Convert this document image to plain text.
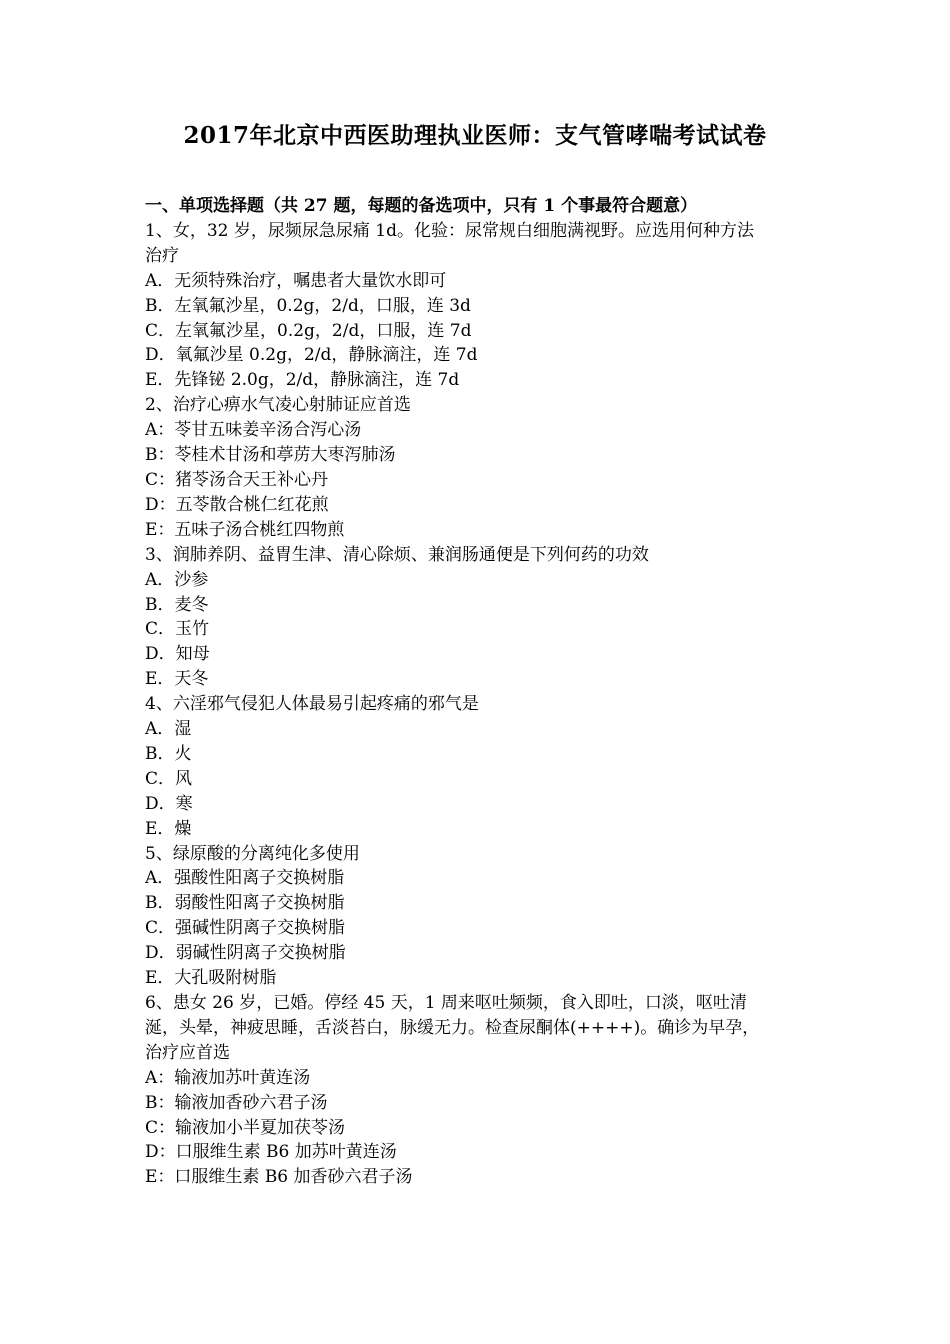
2017年北京中西医助理执业医师：支气管哮喘考试试卷
一、单项选择题（共 27 题，每题的备选项中，只有 1 个事最符合题意）
1、女，32 岁，尿频尿急尿痛 1d。化验：尿常规白细胞满视野。应选用何种方法
治疗
A．无须特殊治疗，嘱患者大量饮水即可
B．左氧氟沙星，0.2g，2/d，口服，连 3d
C．左氧氟沙星，0.2g，2/d，口服，连 7d
D．氧氟沙星 0.2g，2/d，静脉滴注，连 7d
E．先锋铋 2.0g，2/d，静脉滴注，连 7d
2、治疗心痹水气凌心射肺证应首选
A：苓甘五味姜辛汤合泻心汤
B：苓桂术甘汤和葶苈大枣泻肺汤
C：猪苓汤合天王补心丹
D：五苓散合桃仁红花煎
E：五味子汤合桃红四物煎
3、润肺养阴、益胃生津、清心除烦、兼润肠通便是下列何药的功效
A．沙参
B．麦冬
C．玉竹
D．知母
E．天冬
4、六淫邪气侵犯人体最易引起疼痛的邪气是
A．湿
B．火
C．风
D．寒
E．燥
5、绿原酸的分离纯化多使用
A．强酸性阳离子交换树脂
B．弱酸性阳离子交换树脂
C．强碱性阴离子交换树脂
D．弱碱性阴离子交换树脂
E．大孔吸附树脂
6、患女 26 岁，已婚。停经 45 天，1 周来呕吐频频，食入即吐，口淡，呕吐清
涎，头晕，神疲思睡，舌淡苔白，脉缓无力。检查尿酮体(++++)。确诊为早孕，
治疗应首选
A：输液加苏叶黄连汤
B：输液加香砂六君子汤
C：输液加小半夏加茯苓汤
D：口服维生素 B6 加苏叶黄连汤
E：口服维生素 B6 加香砂六君子汤
